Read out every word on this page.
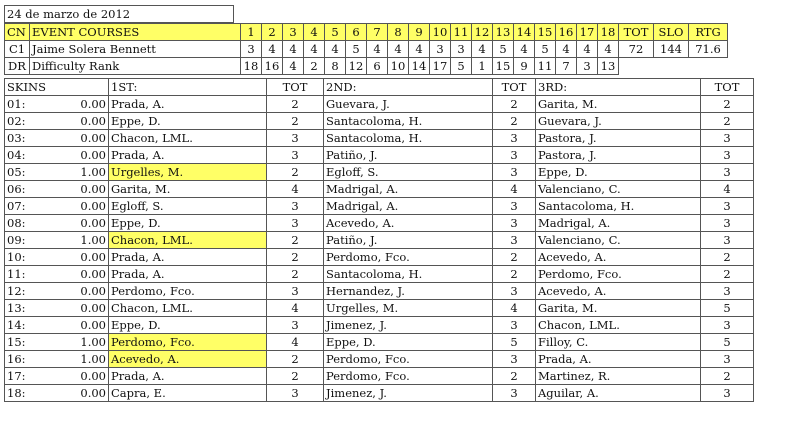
24 de marzo de 2012
CN	EVENT COURSES	1	2	3	4	5	6	7	8	9	10	11	12	13	14	15	16	17	18	TOT	SLO	RTG
C1	Jaime Solera Bennett	3	4	4	4	4	5	4	4	4	3	3	4	5	4	5	4	4	4	72	144	71.6
DR	Difficulty Rank	18	16	4	2	8	12	6	10	14	17	5	1	15	9	11	7	3	13			
SKINS		1ST:	TOT	2ND:	TOT	3RD:	TOT
01:	0.00	Prada, A.	2	Guevara, J.	2	Garita, M.	2
02:	0.00	Eppe, D.	2	Santacoloma, H.	2	Guevara, J.	2
03:	0.00	Chacon, LML.	3	Santacoloma, H.	3	Pastora, J.	3
04:	0.00	Prada, A.	3	Patiño, J.	3	Pastora, J.	3
05:	1.00	Urgelles, M.	2	Egloff, S.	3	Eppe, D.	3
06:	0.00	Garita, M.	4	Madrigal, A.	4	Valenciano, C.	4
07:	0.00	Egloff, S.	3	Madrigal, A.	3	Santacoloma, H.	3
08:	0.00	Eppe, D.	3	Acevedo, A.	3	Madrigal, A.	3
09:	1.00	Chacon, LML.	2	Patiño, J.	3	Valenciano, C.	3
10:	0.00	Prada, A.	2	Perdomo, Fco.	2	Acevedo, A.	2
11:	0.00	Prada, A.	2	Santacoloma, H.	2	Perdomo, Fco.	2
12:	0.00	Perdomo, Fco.	3	Hernandez, J.	3	Acevedo, A.	3
13:	0.00	Chacon, LML.	4	Urgelles, M.	4	Garita, M.	5
14:	0.00	Eppe, D.	3	Jimenez, J.	3	Chacon, LML.	3
15:	1.00	Perdomo, Fco.	4	Eppe, D.	5	Filloy, C.	5
16:	1.00	Acevedo, A.	2	Perdomo, Fco.	3	Prada, A.	3
17:	0.00	Prada, A.	2	Perdomo, Fco.	2	Martinez, R.	2
18:	0.00	Capra, E.	3	Jimenez, J.	3	Aguilar, A.	3
